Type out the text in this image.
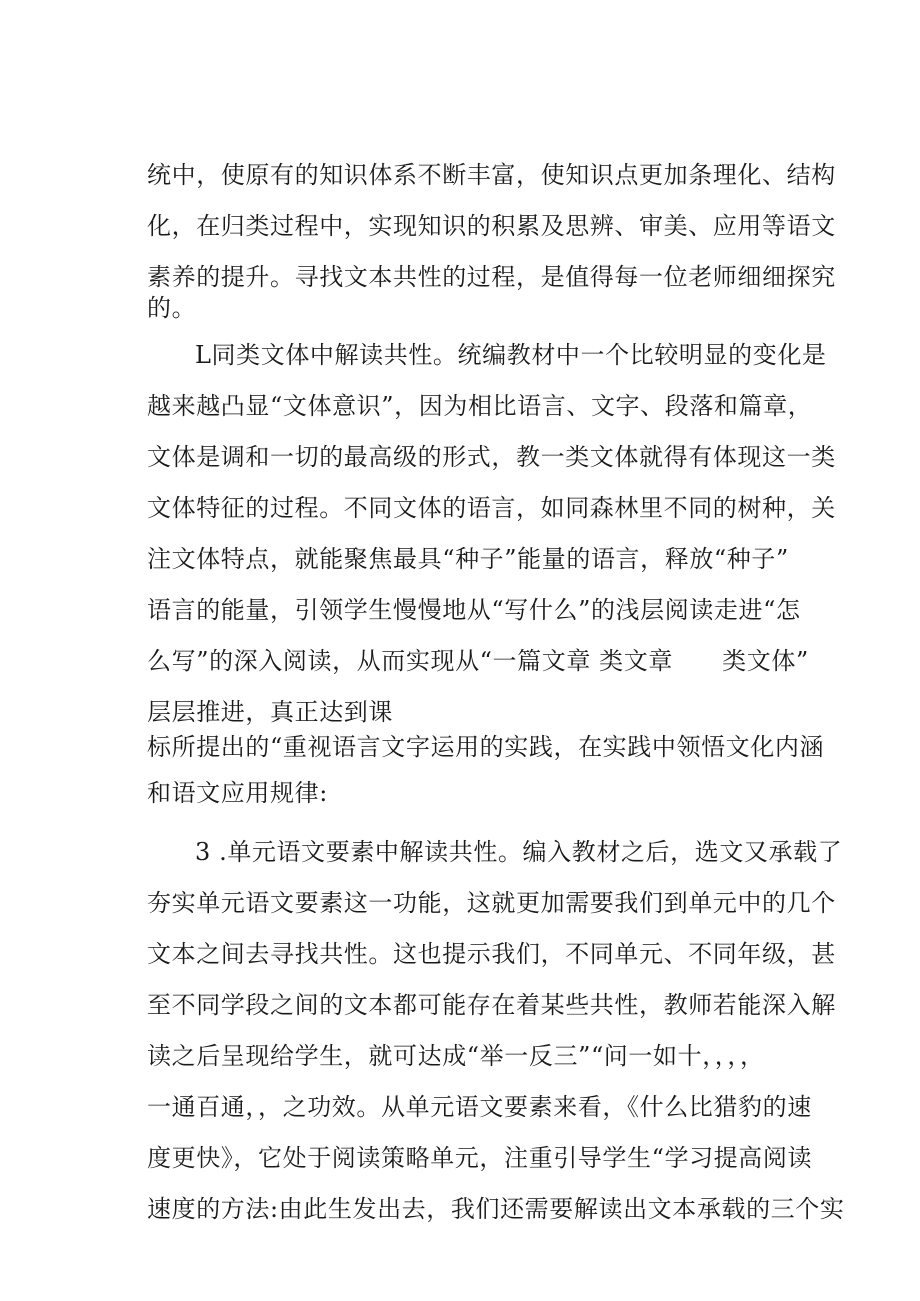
统中，使原有的知识体系不断丰富，使知识点更加条理化、结构
化，在归类过程中，实现知识的积累及思辨、审美、应用等语文
素养的提升。寻找文本共性的过程，是值得每一位老师细细探究
的。
L同类文体中解读共性。统编教材中一个比较明显的变化是
越来越凸显“文体意识”，因为相比语言、文字、段落和篇章，
文体是调和一切的最高级的形式，教一类文体就得有体现这一类
文体特征的过程。不同文体的语言，如同森林里不同的树种，关
注文体特点，就能聚焦最具“种子”能量的语言，释放“种子”
语言的能量，引领学生慢慢地从“写什么”的浅层阅读走进“怎
么写”的深入阅读，从而实现从“一篇文章 类文章　　类文体”
层层推进，真正达到课
标所提出的“重视语言文字运用的实践，在实践中领悟文化内涵
和语文应用规律:
3 .单元语文要素中解读共性。编入教材之后，选文又承载了
夯实单元语文要素这一功能，这就更加需要我们到单元中的几个
文本之间去寻找共性。这也提示我们，不同单元、不同年级，甚
至不同学段之间的文本都可能存在着某些共性，教师若能深入解
读之后呈现给学生，就可达成“举一反三”“问一如十，，，，
一通百通，，之功效。从单元语文要素来看，《什么比猎豹的速
度更快》，它处于阅读策略单元，注重引导学生“学习提高阅读
速度的方法:由此生发出去，我们还需要解读出文本承载的三个实
